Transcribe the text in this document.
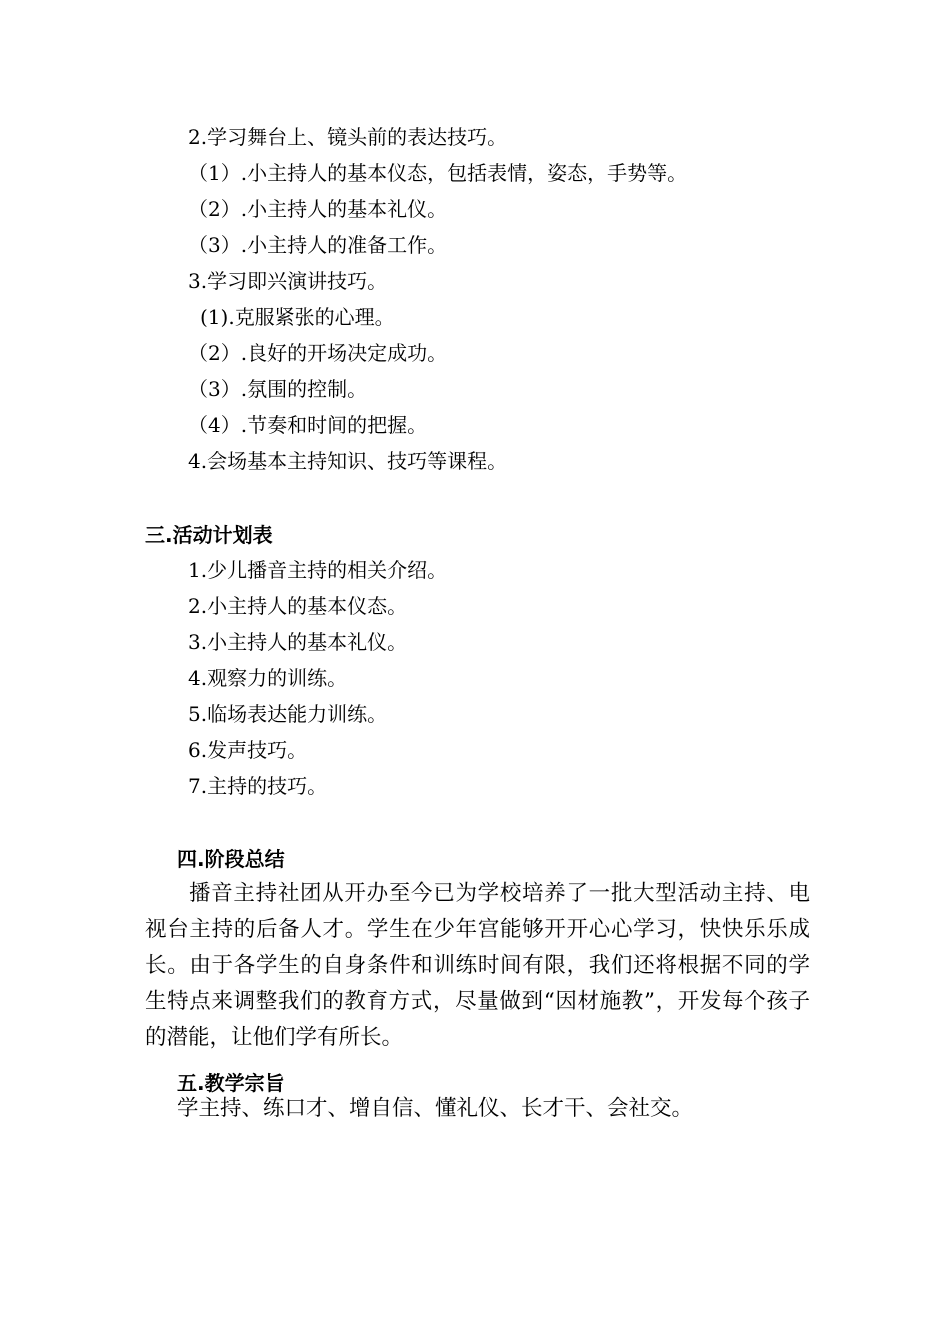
2.学习舞台上、镜头前的表达技巧。
（1）.小主持人的基本仪态，包括表情，姿态，手势等。
（2）.小主持人的基本礼仪。
（3）.小主持人的准备工作。
3.学习即兴演讲技巧。
(1).克服紧张的心理。
（2）.良好的开场决定成功。
（3）.氛围的控制。
（4）.节奏和时间的把握。
4.会场基本主持知识、技巧等课程。
三.活动计划表
1.少儿播音主持的相关介绍。
2.小主持人的基本仪态。
3.小主持人的基本礼仪。
4.观察力的训练。
5.临场表达能力训练。
6.发声技巧。
7.主持的技巧。
四.阶段总结
播音主持社团从开办至今已为学校培养了一批大型活动主持、电视台主持的后备人才。学生在少年宫能够开开心心学习，快快乐乐成长。由于各学生的自身条件和训练时间有限，我们还将根据不同的学生特点来调整我们的教育方式，尽量做到“因材施教”，开发每个孩子的潜能，让他们学有所长。
五.教学宗旨
学主持、练口才、增自信、懂礼仪、长才干、会社交。
